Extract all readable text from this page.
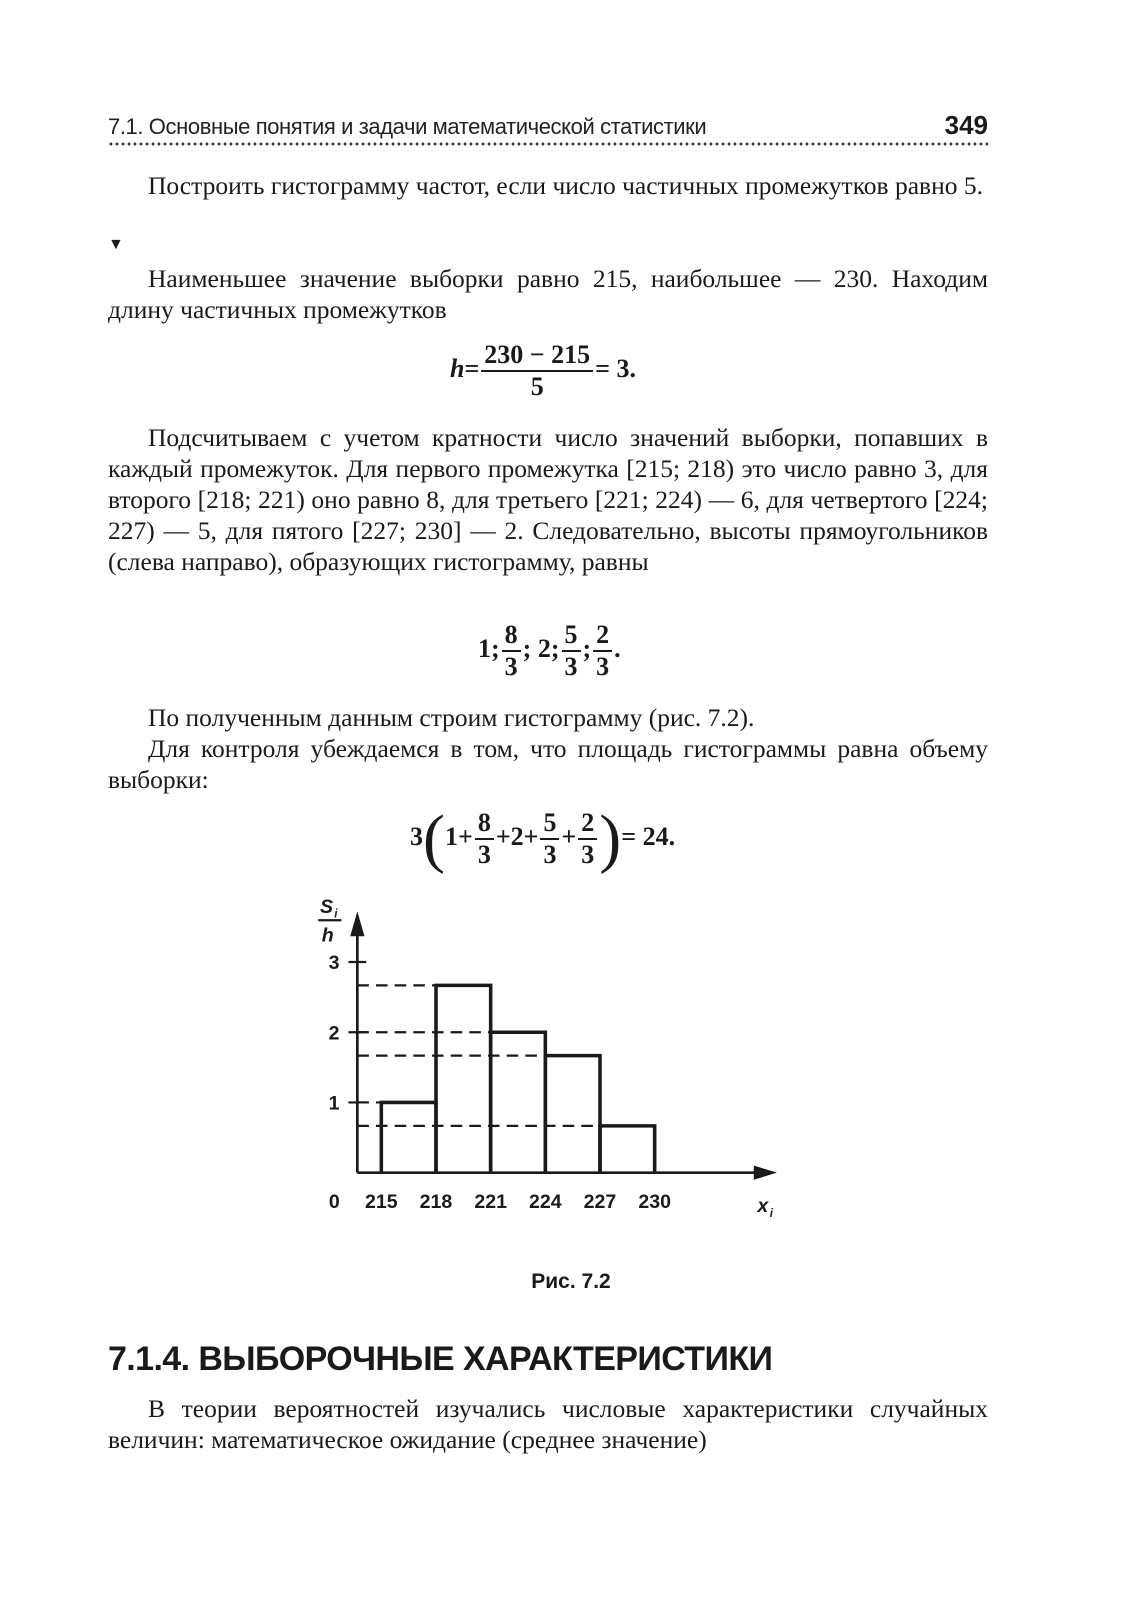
7.1. Основные понятия и задачи математической статистики	349
Построить гистограмму частот, если число частичных промежутков равно 5.
▼
Наименьшее значение выборки равно 215, наибольшее — 230. Находим длину частичных промежутков
$h= \frac{230 - 215}{5} = 3$.
Подсчитываем с учетом кратности число значений выборки, попавших в каждый промежуток. Для первого промежутка [215; 218) это число равно 3, для второго [218; 221) оно равно 8, для третьего [221; 224) — 6, для четвертого [224; 227) — 5, для пятого [227; 230] — 2. Следовательно, высоты прямоугольников (слева направо), образующих гистограмму, равны
1; $\frac{8}{3}$ ; 2; $\frac{5}{3}$ ; $\frac{2}{3}$ .
По полученным данным строим гистограмму (рис. 7.2).
Для контроля убеждаемся в том, что площадь гистограммы равна объему выборки:
$3(1+ \frac{8}{3} +2+ \frac{5}{3} + \frac{2}{3}$ )= 24.
1
2
3
0 215 218 221 224 227 230	x i
S i
h
Рис. 7.2
7.1.4. ВЫБОРОЧНЫЕ ХАРАКТЕРИСТИКИ
В теории вероятностей изучались числовые характеристики случайных величин: математическое ожидание (среднее значение)
